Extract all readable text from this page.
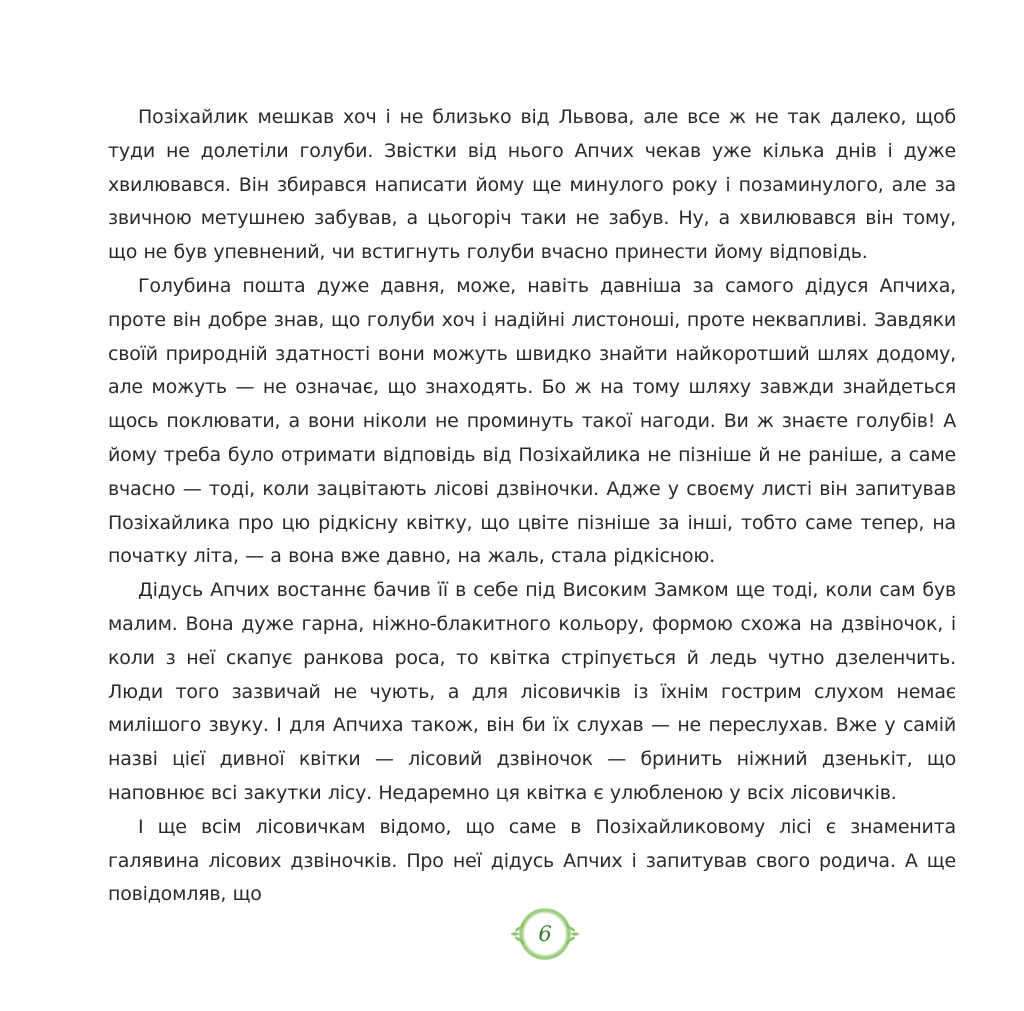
Позіхайлик мешкав хоч і не близько від Львова, але все ж не так далеко, щоб туди не долетіли голуби. Звістки від нього Апчих чекав уже кілька днів і дуже хвилювався. Він збирався написати йому ще минулого року і позаминулого, але за звичною метушнею забував, а цьогоріч таки не забув. Ну, а хвилювався він тому, що не був упевнений, чи встигнуть голуби вчасно принести йому відповідь.

Голубина пошта дуже давня, може, навіть давніша за самого дідуся Апчиха, проте він добре знав, що голуби хоч і надійні листоноші, проте неквапливі. Завдяки своїй природній здатності вони можуть швидко знайти найкоротший шлях додому, але можуть — не означає, що знаходять. Бо ж на тому шляху завжди знайдеться щось поклювати, а вони ніколи не проминуть такої нагоди. Ви ж знаєте голубів! А йому треба було отримати відповідь від Позіхайлика не пізніше й не раніше, а саме вчасно — тоді, коли зацвітають лісові дзвіночки. Адже у своєму листі він запитував Позіхайлика про цю рідкісну квітку, що цвіте пізніше за інші, тобто саме тепер, на початку літа, — а вона вже давно, на жаль, стала рідкісною.

Дідусь Апчих востаннє бачив її в себе під Високим Замком ще тоді, коли сам був малим. Вона дуже гарна, ніжно-блакитного кольору, формою схожа на дзвіночок, і коли з неї скапує ранкова роса, то квітка стріпується й ледь чутно дзеленчить. Люди того зазвичай не чують, а для лісовичків із їхнім гострим слухом немає милішого звуку. І для Апчиха також, він би їх слухав — не переслухав. Вже у самій назві цієї дивної квітки — лісовий дзвіночок — бринить ніжний дзенькіт, що наповнює всі закутки лісу. Недаремно ця квітка є улюбленою у всіх лісовичків.

І ще всім лісовичкам відомо, що саме в Позіхайликовому лісі є знаменита галявина лісових дзвіночків. Про неї дідусь Апчих і запитував свого родича. А ще повідомляв, що

6
